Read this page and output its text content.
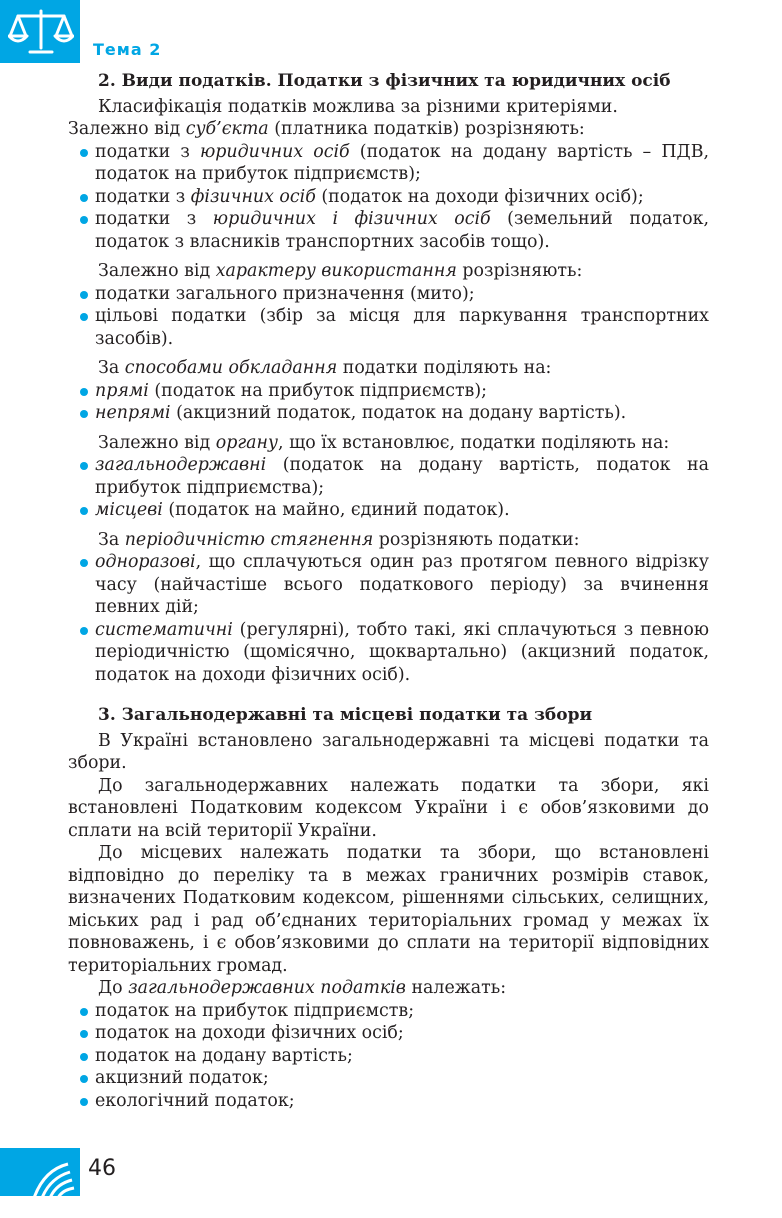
Тема 2
2. Види податків. Податки з фізичних та юридичних осіб

Класифікація податків можлива за різними критеріями.

Залежно від суб’єкта (платника податків) розрізняють:

податки з юридичних осіб (податок на додану вартість – ПДВ, податок на прибуток підприємств);
податки з фізичних осіб (податок на доходи фізичних осіб);
податки з юридичних і фізичних осіб (земельний податок, податок з власників транспортних засобів тощо).

Залежно від характеру використання розрізняють:

податки загального призначення (мито);
цільові податки (збір за місця для паркування транспортних засобів).

За способами обкладання податки поділяють на:

прямі (податок на прибуток підприємств);
непрямі (акцизний податок, податок на додану вартість).

Залежно від органу, що їх встановлює, податки поділяють на:

загальнодержавні (податок на додану вартість, податок на прибуток підприємства);
місцеві (податок на майно, єдиний податок).

За періодичністю стягнення розрізняють податки:

одноразові, що сплачуються один раз протягом певного відрізку часу (найчастіше всього податкового періоду) за вчинення певних дій;
систематичні (регулярні), тобто такі, які сплачуються з певною періодичністю (щомісячно, щоквартально) (акцизний податок, податок на доходи фізичних осіб).
3. Загальнодержавні та місцеві податки та збори

В Україні встановлено загальнодержавні та місцеві податки та збори.

До загальнодержавних належать податки та збори, які встановлені Податковим кодексом України і є обов’язковими до сплати на всій території України.

До місцевих належать податки та збори, що встановлені відповідно до переліку та в межах граничних розмірів ставок, визначених Податковим кодексом, рішеннями сільських, селищних, міських рад і рад об’єднаних територіальних громад у межах їх повноважень, і є обов’язковими до сплати на території відповідних територіальних громад.

До загальнодержавних податків належать:

податок на прибуток підприємств;
податок на доходи фізичних осіб;
податок на додану вартість;
акцизний податок;
екологічний податок;
46
